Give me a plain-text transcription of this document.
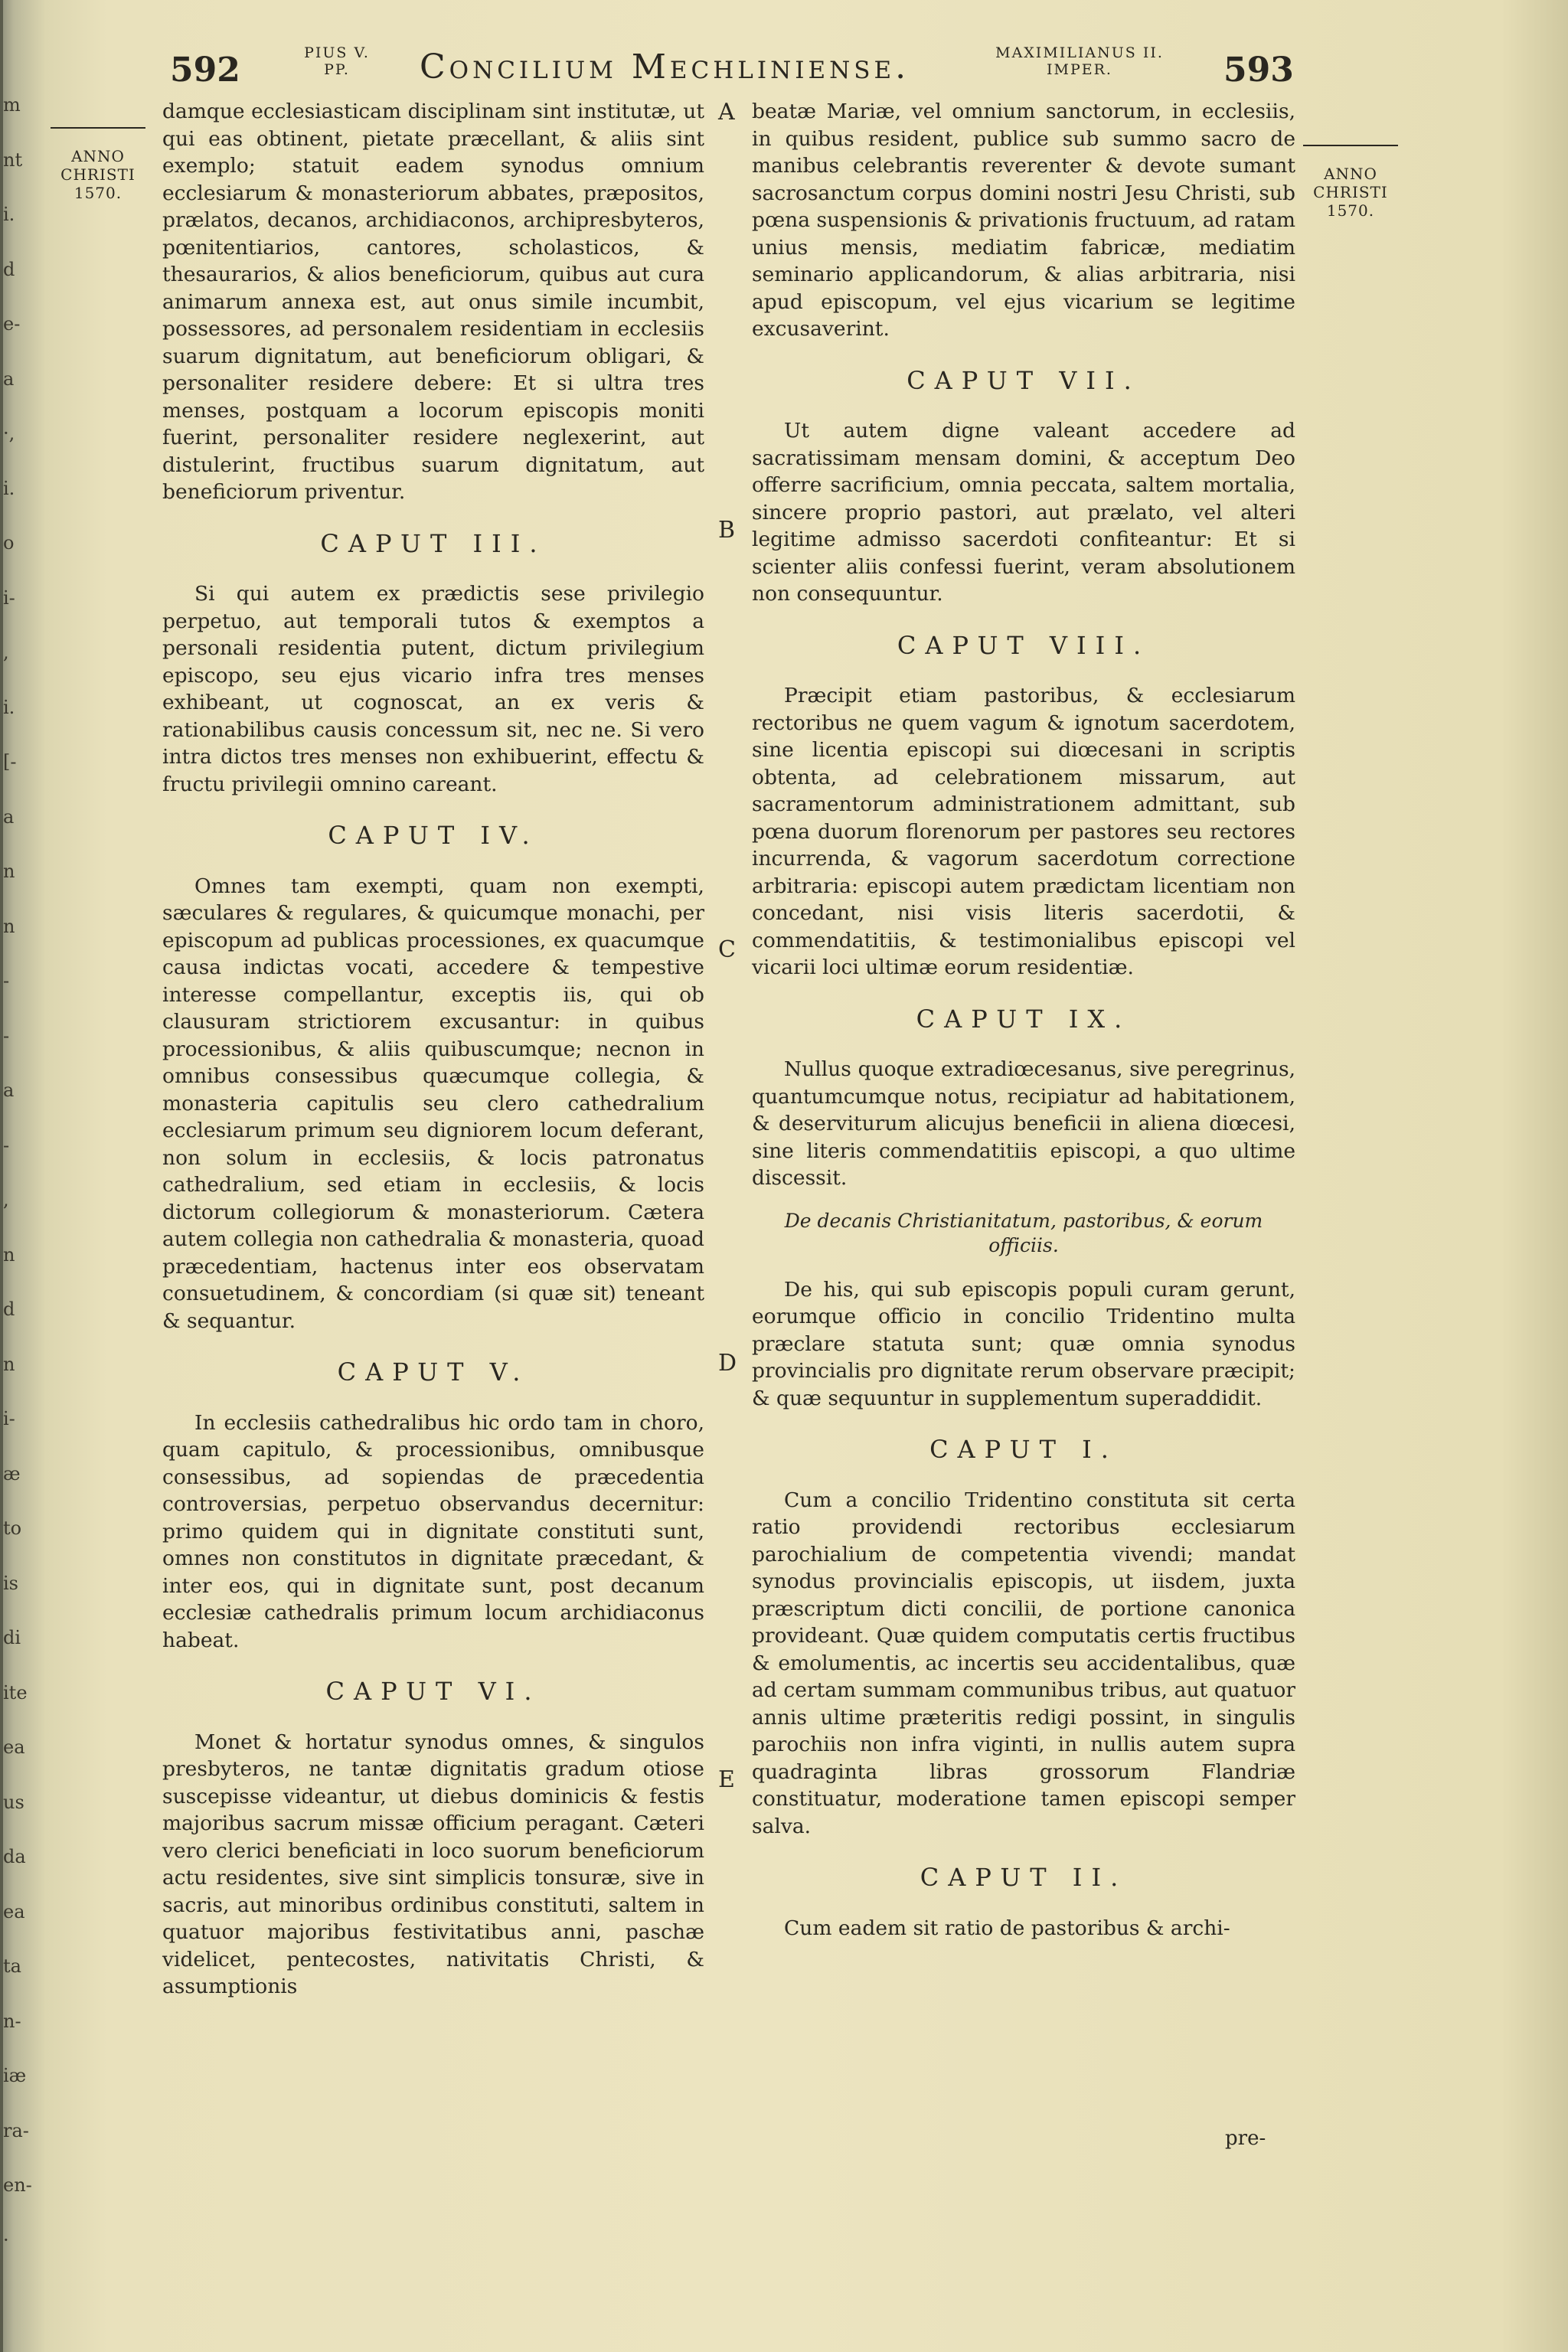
m
nt
i.
d
e-
a
·,
i.
o
i-
,
i.
[-
a
n
n
-
-
a
-
,
n
d
n
i-
æ
to
is
di
ite
ea
us
da
ea
ta
n-
iæ
ra-
en-
·
592	PIUS V.
PP.	Concilium Mechliniense.	MAXIMILIANUS II.
IMPER.	593

ANNO
CHRISTI
1570.

ANNO
CHRISTI
1570.

damque ecclesiasticam disciplinam sint institutæ, ut qui eas obtinent, pietate præcellant, & aliis sint exemplo; statuit eadem synodus omnium ecclesiarum & monasteriorum abbates, præpositos, prælatos, decanos, archidiaconos, archipresbyteros, pœnitentiarios, cantores, scholasticos, & thesaurarios, & alios beneficiorum, quibus aut cura animarum annexa est, aut onus simile incumbit, possessores, ad personalem residentiam in ecclesiis suarum dignitatum, aut beneficiorum obligari, & personaliter residere debere: Et si ultra tres menses, postquam a locorum episcopis moniti fuerint, personaliter residere neglexerint, aut distulerint, fructibus suarum dignitatum, aut beneficiorum priventur.

CAPUT III.

Si qui autem ex prædictis sese privilegio perpetuo, aut temporali tutos & exemptos a personali residentia putent, dictum privilegium episcopo, seu ejus vicario infra tres menses exhibeant, ut cognoscat, an ex veris & rationabilibus causis concessum sit, nec ne. Si vero intra dictos tres menses non exhibuerint, effectu & fructu privilegii omnino careant.

CAPUT IV.

Omnes tam exempti, quam non exempti, sæculares & regulares, & quicumque monachi, per episcopum ad publicas processiones, ex quacumque causa indictas vocati, accedere & tempestive interesse compellantur, exceptis iis, qui ob clausuram strictiorem excusantur: in quibus processionibus, & aliis quibuscumque; necnon in omnibus consessibus quæcumque collegia, & monasteria capitulis seu clero cathedralium ecclesiarum primum seu digniorem locum deferant, non solum in ecclesiis, & locis patronatus cathedralium, sed etiam in ecclesiis, & locis dictorum collegiorum & monasteriorum. Cætera autem collegia non cathedralia & monasteria, quoad præcedentiam, hactenus inter eos observatam consuetudinem, & concordiam (si quæ sit) teneant & sequantur.

CAPUT V.

In ecclesiis cathedralibus hic ordo tam in choro, quam capitulo, & processionibus, omnibusque consessibus, ad sopiendas de præcedentia controversias, perpetuo observandus decernitur: primo quidem qui in dignitate constituti sunt, omnes non constitutos in dignitate præcedant, & inter eos, qui in dignitate sunt, post decanum ecclesiæ cathedralis primum locum archidiaconus habeat.

CAPUT VI.

Monet & hortatur synodus omnes, & singulos presbyteros, ne tantæ dignitatis gradum otiose suscepisse videantur, ut diebus dominicis & festis majoribus sacrum missæ officium peragant. Cæteri vero clerici beneficiati in loco suorum beneficiorum actu residentes, sive sint simplicis tonsuræ, sive in sacris, aut minoribus ordinibus constituti, saltem in quatuor majoribus festivitatibus anni, paschæ videlicet, pentecostes, nativitatis Christi, & assumptionis

beatæ Mariæ, vel omnium sanctorum, in ecclesiis, in quibus resident, publice sub summo sacro de manibus celebrantis reverenter & devote sumant sacrosanctum corpus domini nostri Jesu Christi, sub pœna suspensionis & privationis fructuum, ad ratam unius mensis, mediatim fabricæ, mediatim seminario applicandorum, & alias arbitraria, nisi apud episcopum, vel ejus vicarium se legitime excusaverint.

CAPUT VII.

Ut autem digne valeant accedere ad sacratissimam mensam domini, & acceptum Deo offerre sacrificium, omnia peccata, saltem mortalia, sincere proprio pastori, aut prælato, vel alteri legitime admisso sacerdoti confiteantur: Et si scienter aliis confessi fuerint, veram absolutionem non consequuntur.

CAPUT VIII.

Præcipit etiam pastoribus, & ecclesiarum rectoribus ne quem vagum & ignotum sacerdotem, sine licentia episcopi sui diœcesani in scriptis obtenta, ad celebrationem missarum, aut sacramentorum administrationem admittant, sub pœna duorum florenorum per pastores seu rectores incurrenda, & vagorum sacerdotum correctione arbitraria: episcopi autem prædictam licentiam non concedant, nisi visis literis sacerdotii, & commendatitiis, & testimonialibus episcopi vel vicarii loci ultimæ eorum residentiæ.

CAPUT IX.

Nullus quoque extradiœcesanus, sive peregrinus, quantumcumque notus, recipiatur ad habitationem, & deserviturum alicujus beneficii in aliena diœcesi, sine literis commendatitiis episcopi, a quo ultime discessit.

De decanis Christianitatum, pastoribus, & eorum officiis.

De his, qui sub episcopis populi curam gerunt, eorumque officio in concilio Tridentino multa præclare statuta sunt; quæ omnia synodus provincialis pro dignitate rerum observare præcipit; & quæ sequuntur in supplementum superaddidit.

CAPUT I.

Cum a concilio Tridentino constituta sit certa ratio providendi rectoribus ecclesiarum parochialium de competentia vivendi; mandat synodus provincialis episcopis, ut iisdem, juxta præscriptum dicti concilii, de portione canonica provideant. Quæ quidem computatis certis fructibus & emolumentis, ac incertis seu accidentalibus, quæ ad certam summam communibus tribus, aut quatuor annis ultime præteritis redigi possint, in singulis parochiis non infra viginti, in nullis autem supra quadraginta libras grossorum Flandriæ constituatur, moderatione tamen episcopi semper salva.

CAPUT II.

Cum eadem sit ratio de pastoribus & archi-

pre-
A
B
C
D
E
